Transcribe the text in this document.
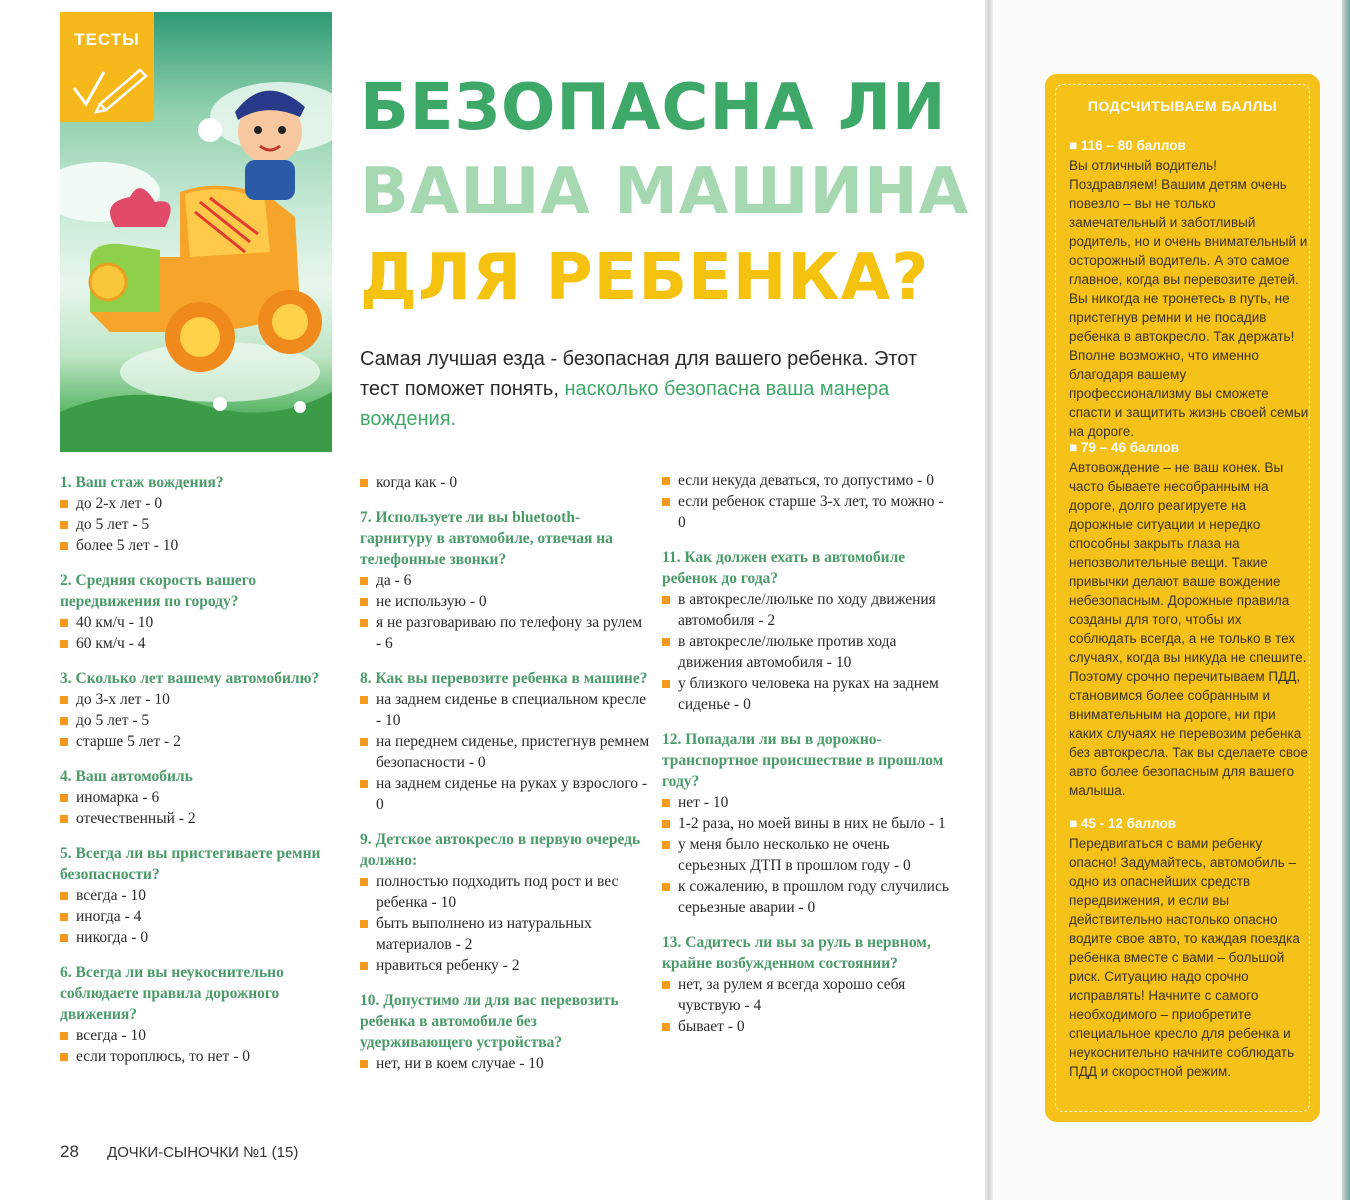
ТЕСТЫ
БЕЗОПАСНА ЛИ
ВАША МАШИНА
ДЛЯ РЕБЕНКА?
Самая лучшая езда - безопасная для вашего ребенка. Этот тест поможет понять, насколько безопасна ваша манера вождения.
1. Ваш стаж вождения?
до 2-х лет - 0
до 5 лет - 5
более 5 лет - 10
2. Средняя скорость вашего передвижения по городу?
40 км/ч - 10
60 км/ч - 4
3. Сколько лет вашему автомобилю?
до 3-х лет - 10
до 5 лет - 5
старше 5 лет - 2
4. Ваш автомобиль
иномарка - 6
отечественный - 2
5. Всегда ли вы пристегиваете ремни безопасности?
всегда - 10
иногда - 4
никогда - 0
6. Всегда ли вы неукоснительно соблюдаете правила дорожного движения?
всегда - 10
если тороплюсь, то нет - 0
когда как - 0
7. Используете ли вы bluetooth-гарнитуру в автомобиле, отвечая на телефонные звонки?
да - 6
не использую - 0
я не разговариваю по телефону за рулем - 6
8. Как вы перевозите ребенка в машине?
на заднем сиденье в специальном кресле - 10
на переднем сиденье, пристегнув ремнем безопасности - 0
на заднем сиденье на руках у взрослого - 0
9. Детское автокресло в первую очередь должно:
полностью подходить под рост и вес ребенка - 10
быть выполнено из натуральных материалов - 2
нравиться ребенку - 2
10. Допустимо ли для вас перевозить ребенка в автомобиле без удерживающего устройства?
нет, ни в коем случае - 10
если некуда деваться, то допустимо - 0
если ребенок старше 3-х лет, то можно - 0
11. Как должен ехать в автомобиле ребенок до года?
в автокресле/люльке по ходу движения автомобиля - 2
в автокресле/люльке против хода движения автомобиля - 10
у близкого человека на руках на заднем сиденье - 0
12. Попадали ли вы в дорожно-транспортное происшествие в прошлом году?
нет - 10
1-2 раза, но моей вины в них не было - 1
у меня было несколько не очень серьезных ДТП в прошлом году - 0
к сожалению, в прошлом году случились серьезные аварии - 0
13. Садитесь ли вы за руль в нервном, крайне возбужденном состоянии?
нет, за рулем я всегда хорошо себя чувствую - 4
бывает - 0
28 ДОЧКИ-СЫНОЧКИ №1 (15)
ПОДСЧИТЫВАЕМ БАЛЛЫ
■ 116 – 80 баллов
Вы отличный водитель! Поздравляем! Вашим детям очень повезло – вы не только замечательный и заботливый родитель, но и очень внимательный и осторожный водитель. А это самое главное, когда вы перевозите детей. Вы никогда не тронетесь в путь, не пристегнув ремни и не посадив ребенка в автокресло. Так держать! Вполне возможно, что именно благодаря вашему профессионализму вы сможете спасти и защитить жизнь своей семьи на дороге.
■ 79 – 46 баллов
Автовождение – не ваш конек. Вы часто бываете несобранным на дороге, долго реагируете на дорожные ситуации и нередко способны закрыть глаза на непозволительные вещи. Такие привычки делают ваше вождение небезопасным. Дорожные правила созданы для того, чтобы их соблюдать всегда, а не только в тех случаях, когда вы никуда не спешите. Поэтому срочно перечитываем ПДД, становимся более собранным и внимательным на дороге, ни при каких случаях не перевозим ребенка без автокресла. Так вы сделаете свое авто более безопасным для вашего малыша.
■ 45 - 12 баллов
Передвигаться с вами ребенку опасно! Задумайтесь, автомобиль – одно из опаснейших средств передвижения, и если вы действительно настолько опасно водите свое авто, то каждая поездка ребенка вместе с вами – большой риск. Ситуацию надо срочно исправлять! Начните с самого необходимого – приобретите специальное кресло для ребенка и неукоснительно начните соблюдать ПДД и скоростной режим.
